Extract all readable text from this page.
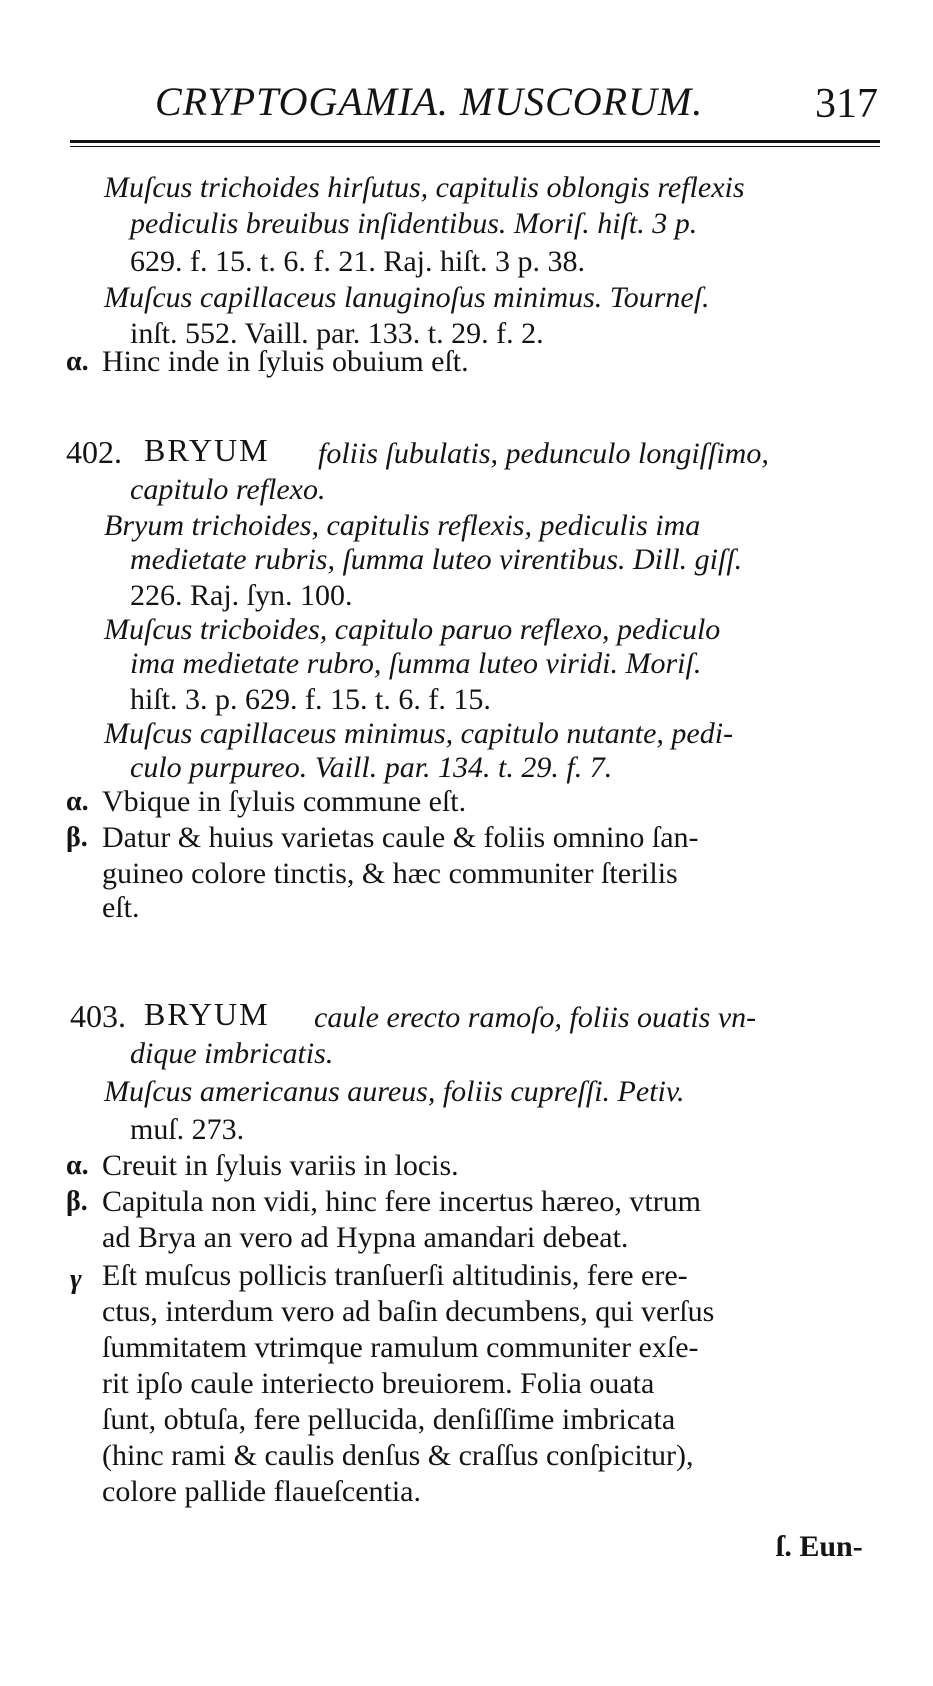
CRYPTOGAMIA. MUSCORUM.	317
Muſcus trichoides hirſutus, capitulis oblongis reflexis
pediculis breuibus inſidentibus. Moriſ. hiſt. 3 p.
629. f. 15. t. 6. f. 21. Raj. hiſt. 3 p. 38.
Muſcus capillaceus lanuginoſus minimus. Tourneſ.
inſt. 552. Vaill. par. 133. t. 29. f. 2.
α. Hinc inde in ſyluis obuium eſt.
402. BRYUM foliis ſubulatis, pedunculo longiſſimo,
capitulo reflexo.
Bryum trichoides, capitulis reflexis, pediculis ima
medietate rubris, ſumma luteo virentibus. Dill. giſſ.
226. Raj. ſyn. 100.
Muſcus tricboides, capitulo paruo reflexo, pediculo
ima medietate rubro, ſumma luteo viridi. Moriſ.
hiſt. 3. p. 629. f. 15. t. 6. f. 15.
Muſcus capillaceus minimus, capitulo nutante, pedi-
culo purpureo. Vaill. par. 134. t. 29. f. 7.
α. Vbique in ſyluis commune eſt.
β. Datur & huius varietas caule & foliis omnino ſan-
guineo colore tinctis, & hæc communiter ſterilis
eſt.
403. BRYUM caule erecto ramoſo, foliis ouatis vn-
dique imbricatis.
Muſcus americanus aureus, foliis cupreſſi. Petiv.
muſ. 273.
α. Creuit in ſyluis variis in locis.
β. Capitula non vidi, hinc fere incertus hæreo, vtrum
ad Brya an vero ad Hypna amandari debeat.
γ Eſt muſcus pollicis tranſuerſi altitudinis, fere ere-
ctus, interdum vero ad baſin decumbens, qui verſus
ſummitatem vtrimque ramulum communiter exſe-
rit ipſo caule interiecto breuiorem. Folia ouata
ſunt, obtuſa, fere pellucida, denſiſſime imbricata
(hinc rami & caulis denſus & craſſus conſpicitur),
colore pallide flaueſcentia.
ſ. Eun-
